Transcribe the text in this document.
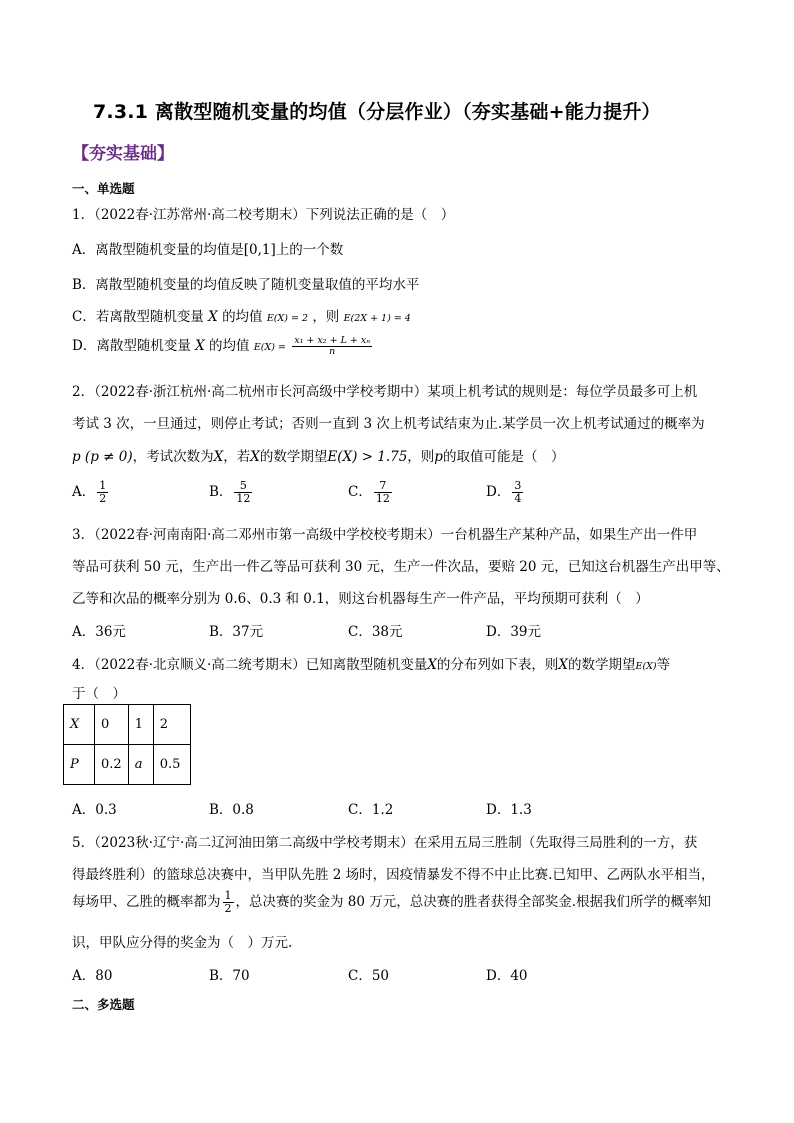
7.3.1 离散型随机变量的均值（分层作业）（夯实基础+能力提升）
【夯实基础】
一、单选题
1．（2022春·江苏常州·高二校考期末）下列说法正确的是（　）
A．离散型随机变量的均值是[0,1]上的一个数
B．离散型随机变量的均值反映了随机变量取值的平均水平
C．若离散型随机变量 X 的均值 E(X) = 2 ，则 E(2X + 1) = 4
D．离散型随机变量 X 的均值 $E(X) = \frac{\text{x₁ + x₂ + L + xₙ}}{n}$
2．（2022春·浙江杭州·高二杭州市长河高级中学校考期中）某项上机考试的规则是：每位学员最多可上机
考试 3 次，一旦通过，则停止考试；否则一直到 3 次上机考试结束为止.某学员一次上机考试通过的概率为
p (p ≠ 0)，考试次数为X，若X的数学期望E(X) > 1.75，则p的取值可能是（　）
A． $\frac{1}{2}$	B． $\frac{5}{12}$	C． $\frac{7}{12}$	D． $\frac{3}{4}$
3．（2022春·河南南阳·高二邓州市第一高级中学校校考期末）一台机器生产某种产品，如果生产出一件甲
等品可获利 50 元，生产出一件乙等品可获利 30 元，生产一件次品，要赔 20 元，已知这台机器生产出甲等、
乙等和次品的概率分别为 0.6、0.3 和 0.1，则这台机器每生产一件产品，平均预期可获利（　）
A．36元	B．37元	C．38元	D．39元
4．（2022春·北京顺义·高二统考期末）已知离散型随机变量X的分布列如下表，则X的数学期望E(X)等
于（　）
X	0	1	2
P	0.2	a	0.5
A．0.3	B．0.8	C．1.2	D．1.3
5．（2023秋·辽宁·高二辽河油田第二高级中学校考期末）在采用五局三胜制（先取得三局胜利的一方，获
得最终胜利）的篮球总决赛中，当甲队先胜 2 场时，因疫情暴发不得不中止比赛.已知甲、乙两队水平相当，
每场甲、乙胜的概率都为 $\frac{1}{2}$ ，总决赛的奖金为 80 万元，总决赛的胜者获得全部奖金.根据我们所学的概率知
识，甲队应分得的奖金为（　）万元.
A．80	B．70	C．50	D．40
二、多选题
